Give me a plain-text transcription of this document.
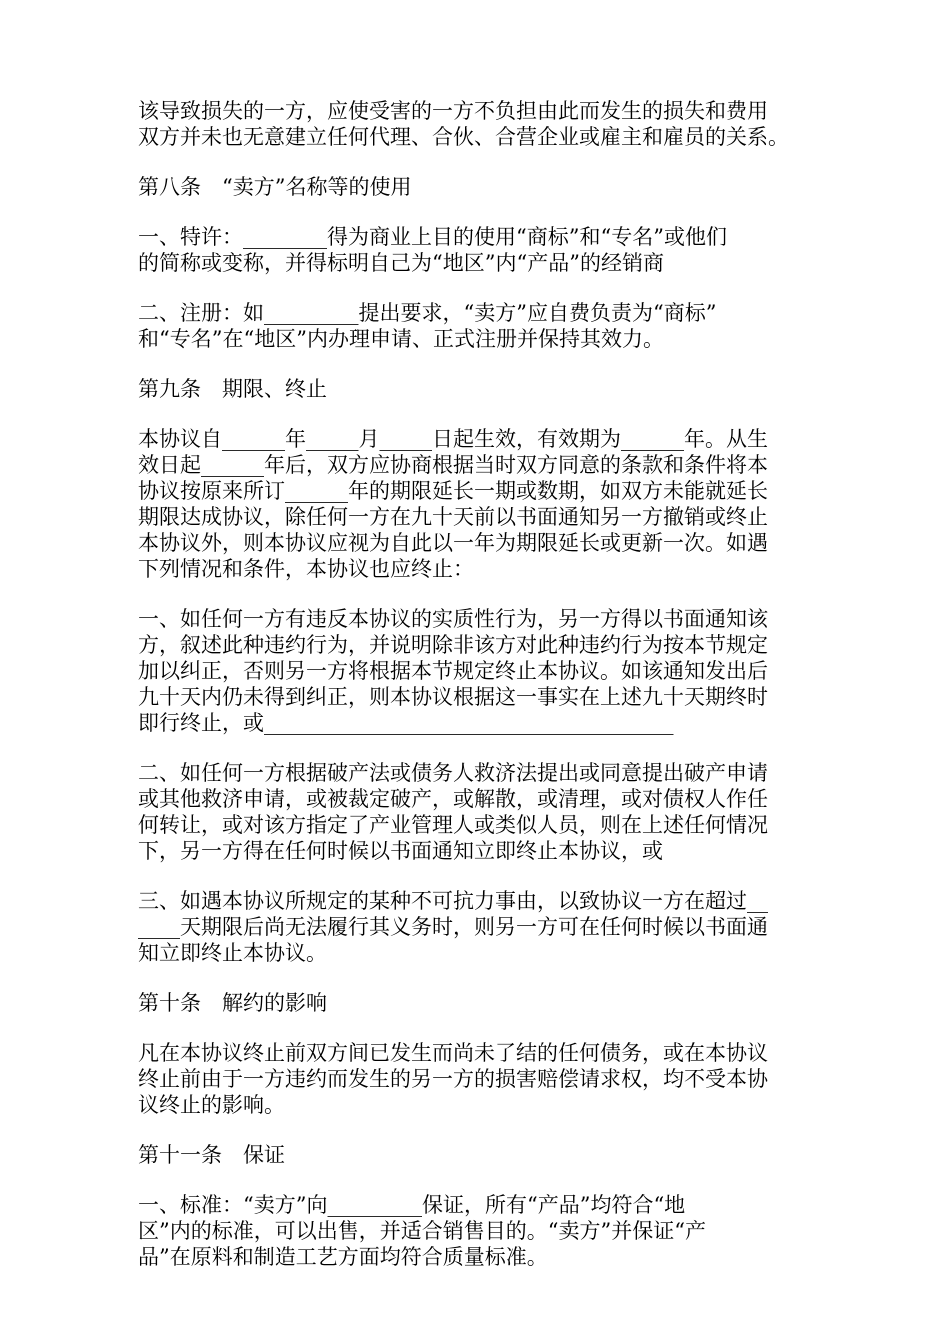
该导致损失的一方，应使受害的一方不负担由此而发生的损失和费用
双方并未也无意建立任何代理、合伙、合营企业或雇主和雇员的关系。
第八条　“卖方”名称等的使用
一、特许：________得为商业上目的使用“商标”和“专名”或他们
的简称或变称，并得标明自己为“地区”内“产品”的经销商
二、注册：如_________提出要求，“卖方”应自费负责为“商标”
和“专名”在“地区”内办理申请、正式注册并保持其效力。
第九条　期限、终止
本协议自______年_____月_____日起生效，有效期为______年。从生
效日起______年后，双方应协商根据当时双方同意的条款和条件将本
协议按原来所订______年的期限延长一期或数期，如双方未能就延长
期限达成协议，除任何一方在九十天前以书面通知另一方撤销或终止
本协议外，则本协议应视为自此以一年为期限延长或更新一次。如遇
下列情况和条件，本协议也应终止：
一、如任何一方有违反本协议的实质性行为，另一方得以书面通知该
方，叙述此种违约行为，并说明除非该方对此种违约行为按本节规定
加以纠正，否则另一方将根据本节规定终止本协议。如该通知发出后
九十天内仍未得到纠正，则本协议根据这一事实在上述九十天期终时
即行终止，或_______________________________________
二、如任何一方根据破产法或债务人救济法提出或同意提出破产申请
或其他救济申请，或被裁定破产，或解散，或清理，或对债权人作任
何转让，或对该方指定了产业管理人或类似人员，则在上述任何情况
下，另一方得在任何时候以书面通知立即终止本协议，或
三、如遇本协议所规定的某种不可抗力事由，以致协议一方在超过__
____天期限后尚无法履行其义务时，则另一方可在任何时候以书面通
知立即终止本协议。
第十条　解约的影响
凡在本协议终止前双方间已发生而尚未了结的任何债务，或在本协议
终止前由于一方违约而发生的另一方的损害赔偿请求权，均不受本协
议终止的影响。
第十一条　保证
一、标准：“卖方”向_________保证，所有“产品”均符合“地
区”内的标准，可以出售，并适合销售目的。“卖方”并保证“产
品”在原料和制造工艺方面均符合质量标准。
